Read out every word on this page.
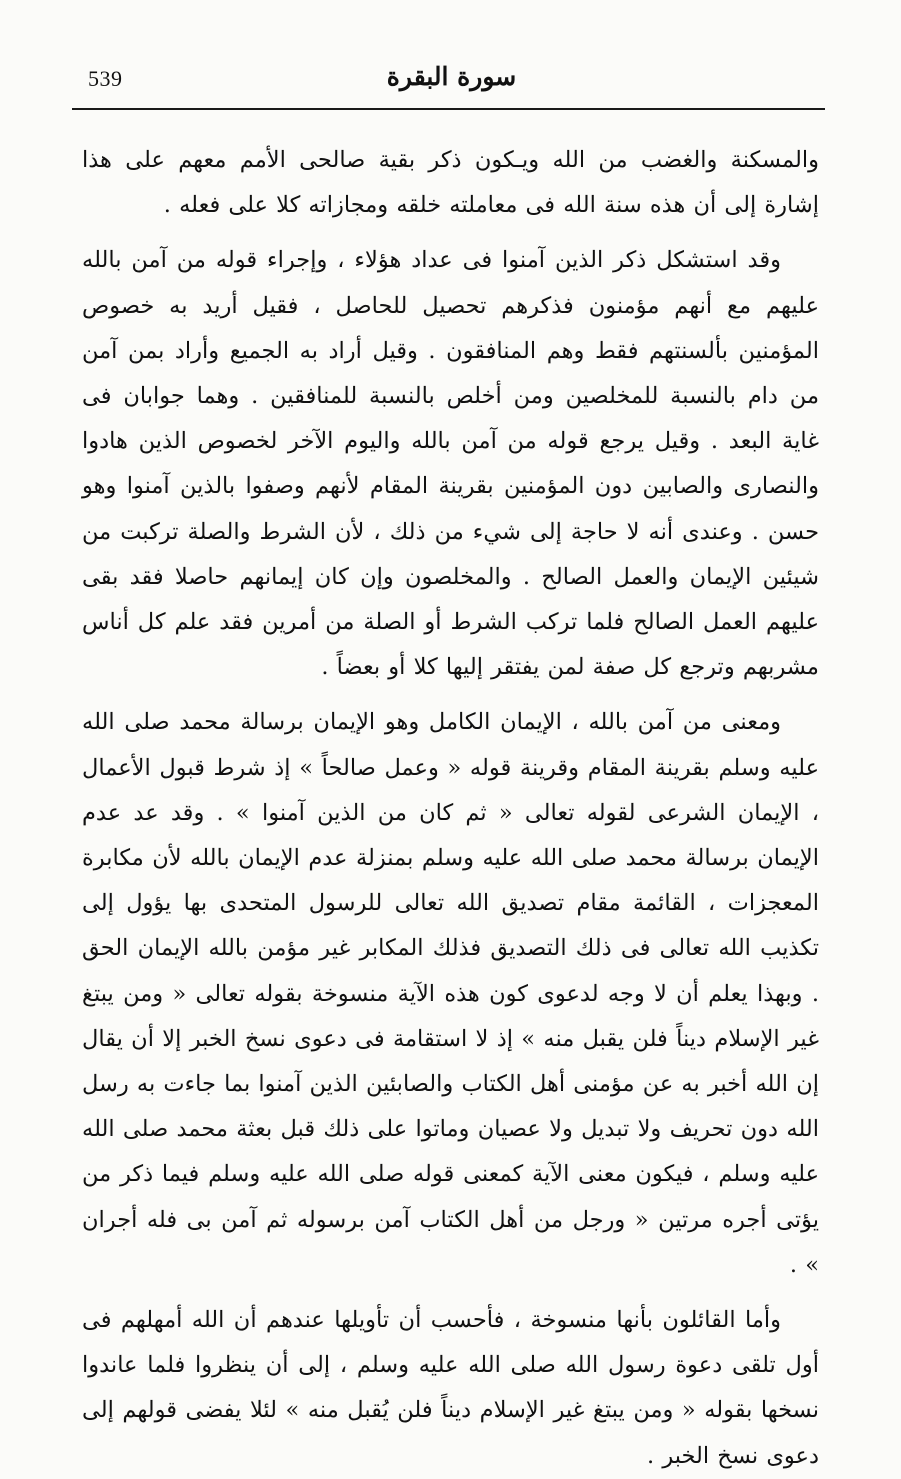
539	سورة البقرة

والمسكنة والغضب من الله ويـكون ذكر بقية صالحى الأمم معهم على هذا إشارة إلى أن هذه سنة الله فى معاملته خلقه ومجازاته كلا على فعله .

وقد استشكل ذكر الذين آمنوا فى عداد هؤلاء ، وإجراء قوله من آمن بالله عليهم مع أنهم مؤمنون فذكرهم تحصيل للحاصل ، فقيل أريد به خصوص المؤمنين بألسنتهم فقط وهم المنافقون . وقيل أراد به الجميع وأراد بمن آمن من دام بالنسبة للمخلصين ومن أخلص بالنسبة للمنافقين . وهما جوابان فى غاية البعد . وقيل يرجع قوله من آمن بالله واليوم الآخر لخصوص الذين هادوا والنصارى والصابين دون المؤمنين بقرينة المقام لأنهم وصفوا بالذين آمنوا وهو حسن . وعندى أنه لا حاجة إلى شيء من ذلك ، لأن الشرط والصلة تركبت من شيئين الإيمان والعمل الصالح . والمخلصون وإن كان إيمانهم حاصلا فقد بقى عليهم العمل الصالح فلما تركب الشرط أو الصلة من أمرين فقد علم كل أناس مشربهم وترجع كل صفة لمن يفتقر إليها كلا أو بعضاً .

ومعنى من آمن بالله ، الإيمان الكامل وهو الإيمان برسالة محمد صلى الله عليه وسلم بقرينة المقام وقرينة قوله « وعمل صالحاً » إذ شرط قبول الأعمال ، الإيمان الشرعى لقوله تعالى « ثم كان من الذين آمنوا » . وقد عد عدم الإيمان برسالة محمد صلى الله عليه وسلم بمنزلة عدم الإيمان بالله لأن مكابرة المعجزات ، القائمة مقام تصديق الله تعالى للرسول المتحدى بها يؤول إلى تكذيب الله تعالى فى ذلك التصديق فذلك المكابر غير مؤمن بالله الإيمان الحق . وبهذا يعلم أن لا وجه لدعوى كون هذه الآية منسوخة بقوله تعالى « ومن يبتغ غير الإسلام ديناً فلن يقبل منه » إذ لا استقامة فى دعوى نسخ الخبر إلا أن يقال إن الله أخبر به عن مؤمنى أهل الكتاب والصابئين الذين آمنوا بما جاءت به رسل الله دون تحريف ولا تبديل ولا عصيان وماتوا على ذلك قبل بعثة محمد صلى الله عليه وسلم ، فيكون معنى الآية كمعنى قوله صلى الله عليه وسلم فيما ذكر من يؤتى أجره مرتين « ورجل من أهل الكتاب آمن برسوله ثم آمن بى فله أجران » .

وأما القائلون بأنها منسوخة ، فأحسب أن تأويلها عندهم أن الله أمهلهم فى أول تلقى دعوة رسول الله صلى الله عليه وسلم ، إلى أن ينظروا فلما عاندوا نسخها بقوله « ومن يبتغ غير الإسلام ديناً فلن يُقبل منه » لئلا يفضى قولهم إلى دعوى نسخ الخبر .
